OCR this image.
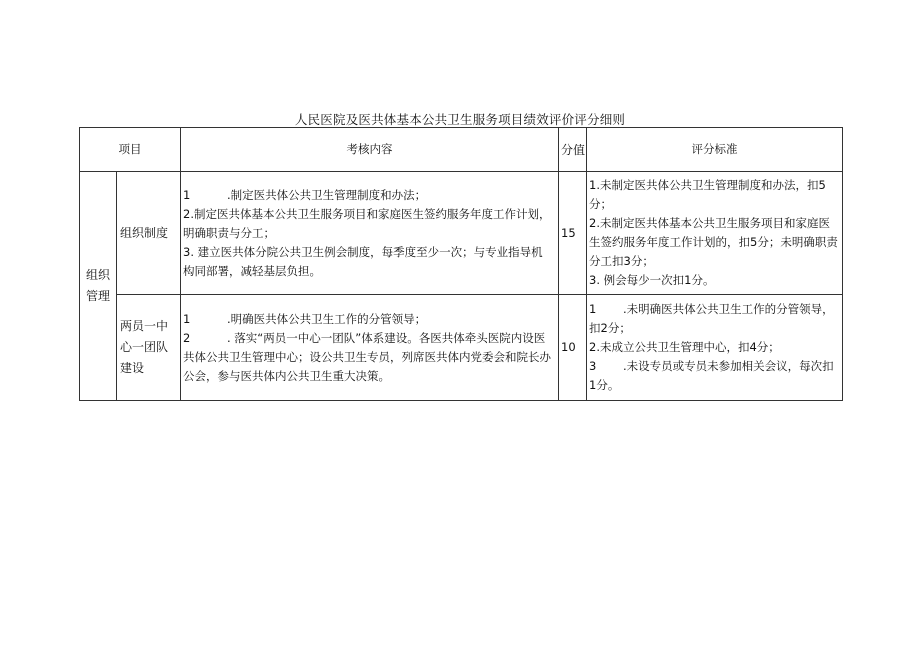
人民医院及医共体基本公共卫生服务项目绩效评价评分细则
项目		考核内容	分值	评分标准
组织管理	组织制度	1 .制定医共体公共卫生管理制度和办法；
2.制定医共体基本公共卫生服务项目和家庭医生签约服务年度工作计划，明确职责与分工；
3. 建立医共体分院公共卫生例会制度，每季度至少一次；与专业指导机构同部署，减轻基层负担。	15	1.未制定医共体公共卫生管理制度和办法，扣5分；
2.未制定医共体基本公共卫生服务项目和家庭医生签约服务年度工作计划的，扣5分；未明确职责分工扣3分；
3. 例会每少一次扣1分。

	两员一中心一团队建设	1 .明确医共体公共卫生工作的分管领导；
2 . 落实“两员一中心一团队”体系建设。各医共体牵头医院内设医共体公共卫生管理中心；设公共卫生专员，列席医共体内党委会和院长办公会，参与医共体内公共卫生重大决策。	10	1　　 .未明确医共体公共卫生工作的分管领导，扣2分；
2.未成立公共卫生管理中心，扣4分；
3　　 .未设专员或专员未参加相关会议，每次扣1分。
